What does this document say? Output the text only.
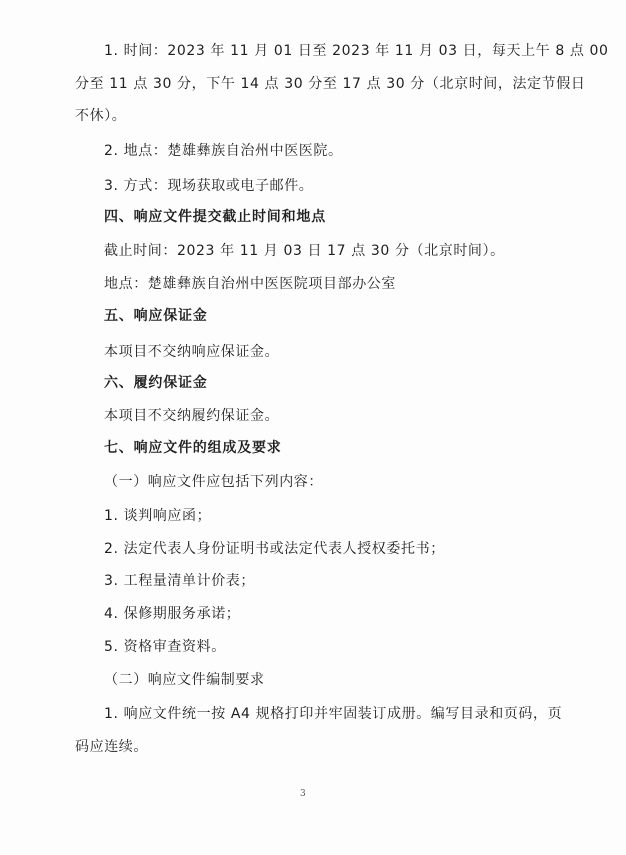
1. 时间：2023 年 11 月 01 日至 2023 年 11 月 03 日，每天上午 8 点 00
分至 11 点 30 分，下午 14 点 30 分至 17 点 30 分（北京时间，法定节假日
不休）。
2. 地点：楚雄彝族自治州中医医院。
3. 方式：现场获取或电子邮件。
四、响应文件提交截止时间和地点
截止时间：2023 年 11 月 03 日 17 点 30 分（北京时间）。
地点：楚雄彝族自治州中医医院项目部办公室
五、响应保证金
本项目不交纳响应保证金。
六、履约保证金
本项目不交纳履约保证金。
七、响应文件的组成及要求
（一）响应文件应包括下列内容：
1. 谈判响应函；
2. 法定代表人身份证明书或法定代表人授权委托书；
3. 工程量清单计价表；
4. 保修期服务承诺；
5. 资格审查资料。
（二）响应文件编制要求
1. 响应文件统一按 A4 规格打印并牢固装订成册。编写目录和页码，页
码应连续。
3
